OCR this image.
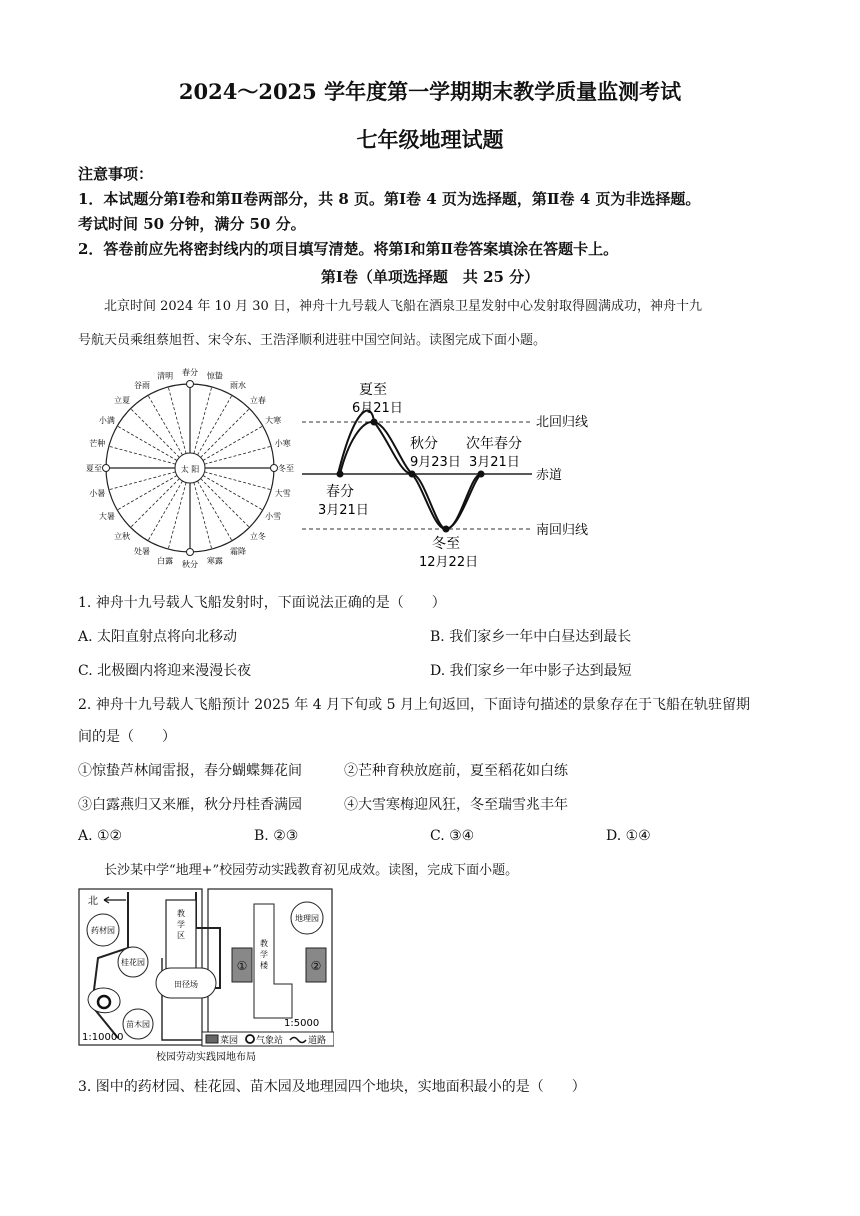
2024～2025 学年度第一学期期末教学质量监测考试
七年级地理试题
注意事项：
1．本试题分第Ⅰ卷和第Ⅱ卷两部分，共 8 页。第Ⅰ卷 4 页为选择题，第Ⅱ卷 4 页为非选择题。
考试时间 50 分钟，满分 50 分。
2．答卷前应先将密封线内的项目填写清楚。将第Ⅰ和第Ⅱ卷答案填涂在答题卡上。
第Ⅰ卷（单项选择题　共 25 分）
北京时间 2024 年 10 月 30 日，神舟十九号载人飞船在酒泉卫星发射中心发射取得圆满成功，神舟十九
号航天员乘组蔡旭哲、宋令东、王浩泽顺利进驻中国空间站。读图完成下面小题。
太 阳
春分 惊蛰
雨水
立春
大寒
小寒
冬至
大雪
小雪
立冬
霜降
寒露
秋分
白露
处暑
立秋
大暑
小暑
夏至
芒种
小满
立夏
谷雨
清明
北回归线
赤道
南回归线
夏至
6月21日
秋分
9月23日
次年春分
3月21日
春分
3月21日
冬至
12月22日
1. 神舟十九号载人飞船发射时，下面说法正确的是（　　）
A. 太阳直射点将向北移动	B. 我们家乡一年中白昼达到最长
C. 北极圈内将迎来漫漫长夜	D. 我们家乡一年中影子达到最短
2. 神舟十九号载人飞船预计 2025 年 4 月下旬或 5 月上旬返回，下面诗句描述的景象存在于飞船在轨驻留期
间的是（　　）
①惊蛰芦林闻雷报，春分蝴蝶舞花间	②芒种育秧放庭前，夏至稻花如白练
③白露燕归又来雁，秋分丹桂香满园	④大雪寒梅迎风狂，冬至瑞雪兆丰年
A. ①②	B. ②③	C. ③④	D. ①④
长沙某中学“地理+”校园劳动实践教育初见成效。读图，完成下面小题。
北
教学区
药材园
桂花园
田径场
苗木园
地理园
教学楼
①	②
1:10000
1:5000
菜园 气象站	道路
校园劳动实践园地布局
3. 图中的药材园、桂花园、苗木园及地理园四个地块，实地面积最小的是（　　）
